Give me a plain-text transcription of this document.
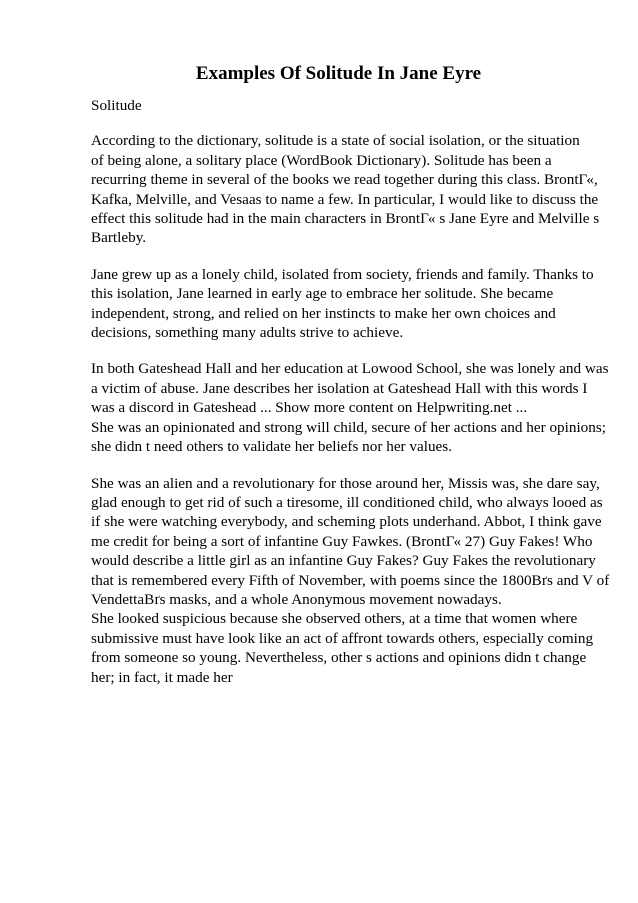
Examples Of Solitude In Jane Eyre
Solitude
According to the dictionary, solitude is a state of social isolation, or the situation
of being alone, a solitary place (WordBook Dictionary). Solitude has been a
recurring theme in several of the books we read together during this class. BrontГ«,
Kafka, Melville, and Vesaas to name a few. In particular, I would like to discuss the
effect this solitude had in the main characters in BrontГ« s Jane Eyre and Melville s
Bartleby.
Jane grew up as a lonely child, isolated from society, friends and family. Thanks to
this isolation, Jane learned in early age to embrace her solitude. She became
independent, strong, and relied on her instincts to make her own choices and
decisions, something many adults strive to achieve.
In both Gateshead Hall and her education at Lowood School, she was lonely and was
a victim of abuse. Jane describes her isolation at Gateshead Hall with this words I
was a discord in Gateshead ... Show more content on Helpwriting.net ...
She was an opinionated and strong will child, secure of her actions and her opinions;
she didn t need others to validate her beliefs nor her values.
She was an alien and a revolutionary for those around her, Missis was, she dare say,
glad enough to get rid of such a tiresome, ill conditioned child, who always looed as
if she were watching everybody, and scheming plots underhand. Abbot, I think gave
me credit for being a sort of infantine Guy Fawkes. (BrontГ« 27) Guy Fakes! Who
would describe a little girl as an infantine Guy Fakes? Guy Fakes the revolutionary
that is remembered every Fifth of November, with poems since the 1800Вґs and V of
VendettaВґs masks, and a whole Anonymous movement nowadays.
She looked suspicious because she observed others, at a time that women where
submissive must have look like an act of affront towards others, especially coming
from someone so young. Nevertheless, other s actions and opinions didn t change
her; in fact, it made her
